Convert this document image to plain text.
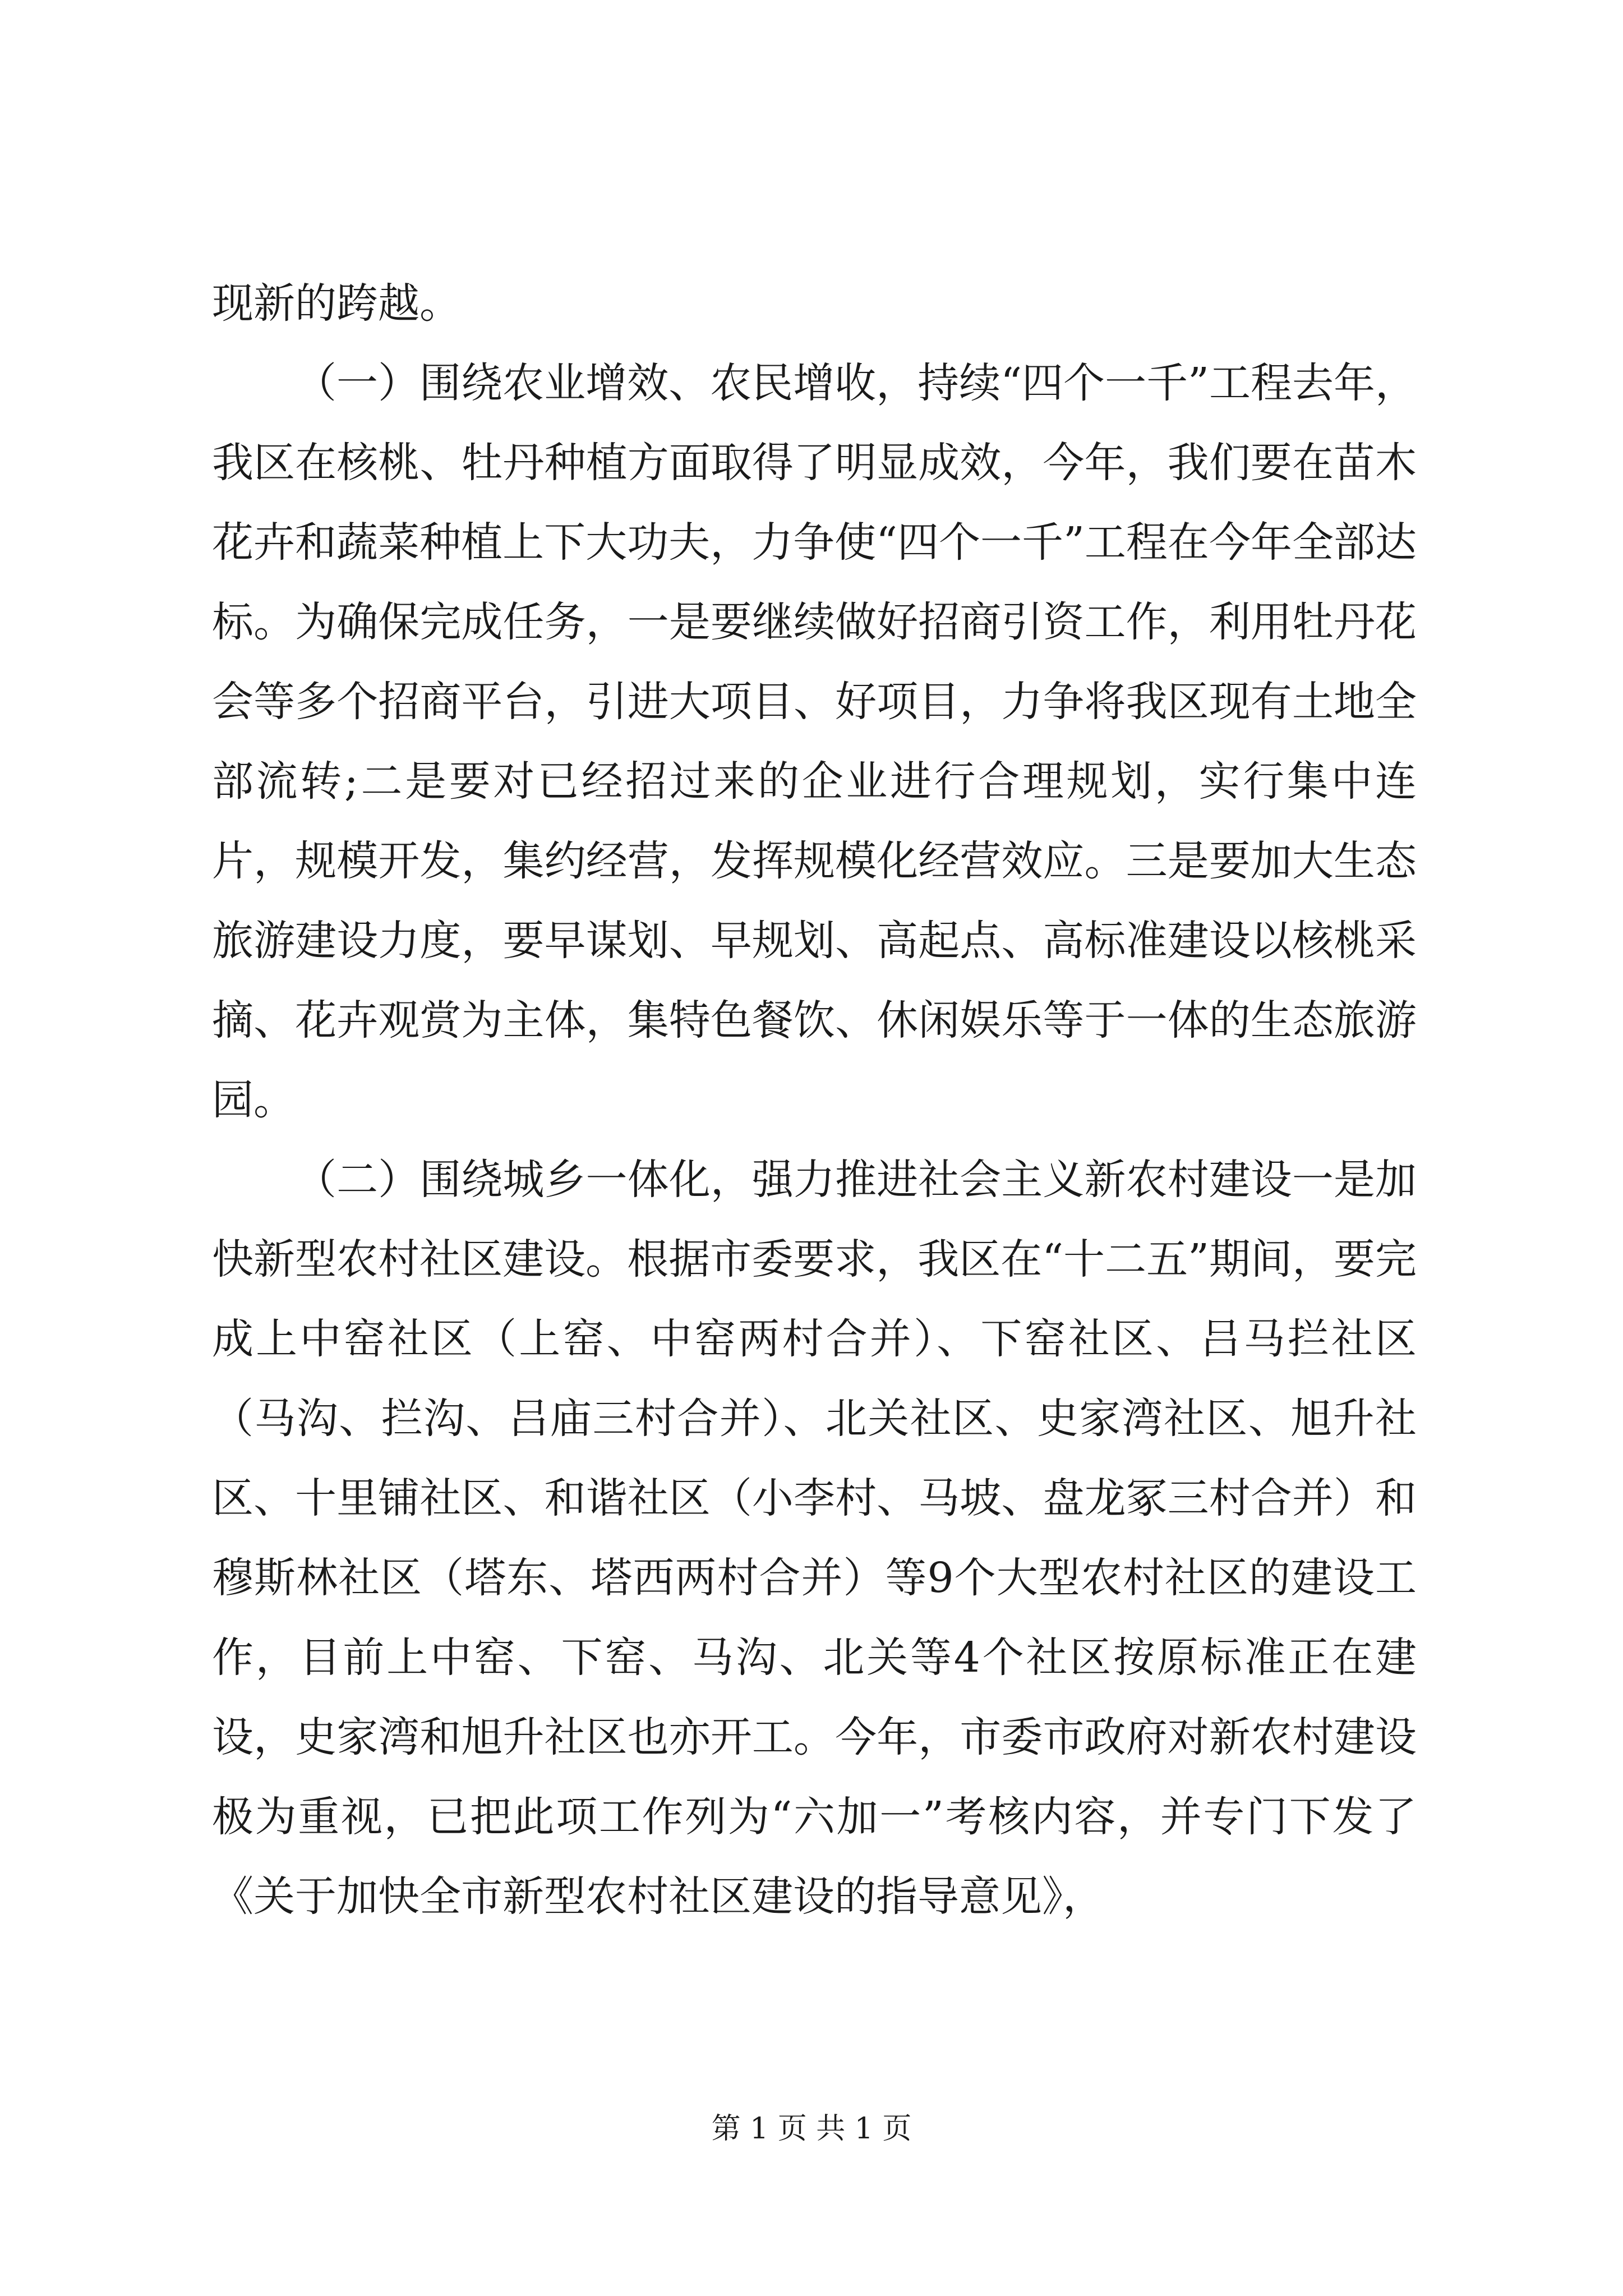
现新的跨越。

（一）围绕农业增效、农民增收，持续“四个一千”工程去年，我区在核桃、牡丹种植方面取得了明显成效，今年，我们要在苗木花卉和蔬菜种植上下大功夫，力争使“四个一千”工程在今年全部达标。为确保完成任务，一是要继续做好招商引资工作，利用牡丹花会等多个招商平台，引进大项目、好项目，力争将我区现有土地全部流转;二是要对已经招过来的企业进行合理规划，实行集中连片，规模开发，集约经营，发挥规模化经营效应。三是要加大生态旅游建设力度，要早谋划、早规划、高起点、高标准建设以核桃采摘、花卉观赏为主体，集特色餐饮、休闲娱乐等于一体的生态旅游园。

（二）围绕城乡一体化，强力推进社会主义新农村建设一是加快新型农村社区建设。根据市委要求，我区在“十二五”期间，要完成上中窑社区（上窑、中窑两村合并）、下窑社区、吕马拦社区（马沟、拦沟、吕庙三村合并）、北关社区、史家湾社区、旭升社区、十里铺社区、和谐社区（小李村、马坡、盘龙冢三村合并）和穆斯林社区（塔东、塔西两村合并）等9个大型农村社区的建设工作，目前上中窑、下窑、马沟、北关等4个社区按原标准正在建设，史家湾和旭升社区也亦开工。今年，市委市政府对新农村建设极为重视，已把此项工作列为“六加一”考核内容，并专门下发了《关于加快全市新型农村社区建设的指导意见》，

第 1 页 共 1 页
